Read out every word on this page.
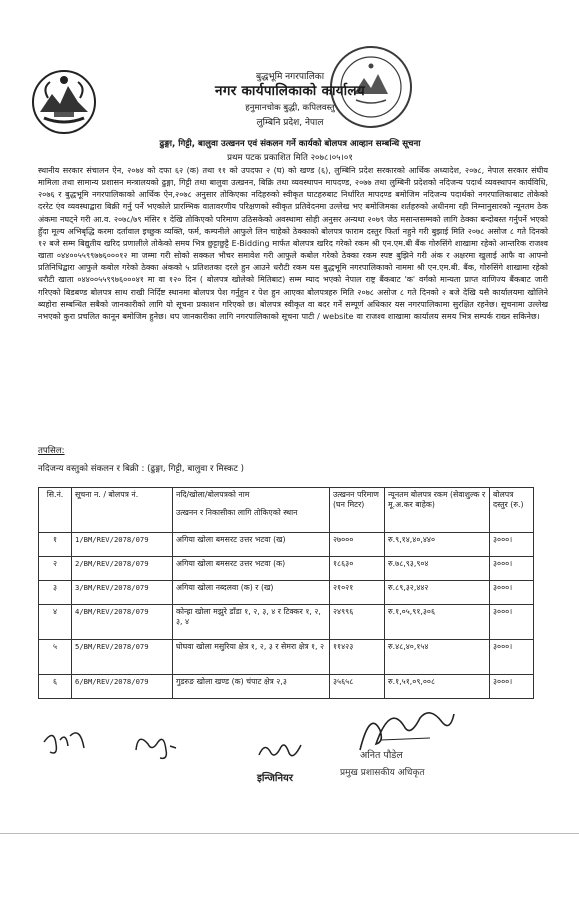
बुद्धभूमि नगरपालिका
नगर कार्यपालिकाको कार्यालय
हनुमानचोक बुद्धी, कपिलवस्तु
लुम्बिनि प्रदेश, नेपाल
ढुङ्गा, गिट्टी, बालुवा उत्खनन एवं संकलन गर्ने कार्यको बोलपत्र आव्हान सम्बन्धि सूचना
प्रथम पटक प्रकाशित मिति २०७८।०५।०१
स्थानीय सरकार संचालन ऐन, २०७४ को दफा ६२ (क) तथा ११ को उपदफा २ (घ) को खण्ड (६), लुम्बिनि प्रदेश सरकारको आर्थिक अध्यादेश, २०७८, नेपाल सरकार संघीय मामिला तथा सामान्य प्रशासन मन्त्रालयको ढुङ्गा, गिट्टी तथा बालुवा उत्खनन, बिक्रि तथा व्यवस्थापन मापदण्ड, २०७७ तथा लुम्बिनी प्रदेशको नदिजन्य पदार्थ व्यवस्थापन कार्यविधि, २०७६ र बुद्धभूमि नगरपालिकाको आर्थिक ऐन,२०७८ अनुसार तोकिएका नदिहरुको स्वीकृत घाटहरुबाट निर्धारित मापदण्ड बमोजिम नदिजन्य पदार्थको नगरपालिकाबाट तोकेको दररेट एंव व्यवस्थाद्बारा बिक्री गर्नु पर्ने भएकोले प्रारम्भिक वातावरणीय परिक्षणको स्वीकृत प्रतिवेदनमा उल्लेख भए बमोजिमका शर्तहरुको अधीनमा रही निम्नानुसारको न्यूनतम ठेक अंकमा नघट्ने गरी आ.व. २०७८/७९ मंसिर १ देखि तोकिएको परिमाण उठिसकेको अवस्थामा सोही अनुसर अन्यथा २०७९ जेठ मसान्तसम्मको लागि ठेक्का बन्दोबस्त गर्नुपर्ने भएको हुँदा मूल्य अभिबृद्धि करमा दर्तावाल इच्छुक व्यक्ति, फर्म, कम्पनीले आफुले लिन चाहेको ठेक्काको बोलपत्र फाराम दस्तुर फिर्ता नहुने गरी बुझाई मिति २०७८ असोज ८ गते दिनको १२ बजे सम्म बिद्युतीय खरिद प्रणालीले तोकेको समय भित्र छुट्टाछुट्टै E-Bidding मार्फत बोलपत्र खरिद गरेको रकम श्री एन.एम.बी बैंक गोरुसिंगे शाखामा रहेको आन्तरिक राजश्व खाता ०४४००५५९९७७६०००१२ मा जम्मा गरी सोको सक्कल भौचर समावेश गरी आफुले कबोल गरेको ठेक्का रकम स्पष्ट बुझिने गरी अंक र अक्षरमा खुलाई आफै वा आफ्नो प्रतिनिधिद्बारा आफुले कबोल गरेको ठेक्का अंकको ५ प्रतिशतका दरले हुन आउने धरौटी रकम यस बुद्धभूमि नगरपालिकाको नाममा श्री एन.एम.बी. बैंक, गोरुसिंगे शाखामा रहेको धरौटी खाता ०४४००५५९९७६०००४१ मा वा १२० दिन ( बोलपत्र खोलेको मितिबाट) सम्म म्याद भएको नेपाल राष्ट्र बैंकबाट 'क' वर्गको मान्यता प्राप्त वाणिज्य बैंकबाट जारी गरिएको बिडबण्ड बोलपत्र साथ राखी निर्दिष्ट स्थानमा बोलपत्र पेश गर्नुहुन र पेश हुन आएका बोलपत्रहरु मिति २०७८ असोज ८ गते दिनको २ बजे देखि यसै कार्यालयमा खोलिने ब्यहोरा सम्बन्धित सबैको जानकारीको लागि यो सूचना प्रकाशन गरिएको छ। बोलपत्र स्वीकृत वा बदर गर्ने सम्पूर्ण अधिकार यस नगरपालिकामा सुरक्षित रहनेछ। सूचनामा उल्लेख नभएको कुरा प्रचलित कानून बमोजिम हुनेछ। थप जानकारीका लागि नगरपालिकाको सूचना पाटी / website वा राजश्व शाखामा कार्यालय समय भित्र सम्पर्क राख्न सकिनेछ।
तपसिल:
नदिजन्य वस्तुको संकलन र बिक्री : (ढुङ्गा, गिट्टी, बालुवा र मिस्कट )
सि.नं.	सूचना न. / बोलपत्र नं.	नदि/खोला/बोलपत्रको नाम
उत्खनन र निकासीका लागि तोकिएको स्थान	उत्खनन परिमाण (घन मिटर)	न्यूनतम बोलपत्र रकम (सेवाशुल्क र मू.अ.कर बाहेक)	बोलपत्र दस्तुर (रु.)
१	1/BM/REV/2078/079	अगिया खोला बमसरट उत्तर भटवा (ख)	२७०००	रु.९,१४,४०,४४०	३०००।
२	2/BM/REV/2078/079	अगिया खोला बमसरट उत्तर भटवा (क)	१८६३०	रु.७८,९३,९०४	३०००।
३	3/BM/REV/2078/079	अगिया खोला नब्दलवा (क) र (ख)	२१०२१	रु.८९,३२,४४२	३०००।
४	4/BM/REV/2078/079	कोन्ह्रा खोला मझुरे डाँडा १, २, ३, ४ र टिक्कर १, २, ३, ४	२४९९६	रु.१,०५,९१,३०६	३०००।
५	5/BM/REV/2078/079	घोघवा खोला मसुरिया क्षेत्र १, २, ३ र सेमरा क्षेत्र १, २	११४२३	रु.४८,४०,१५४	३०००।
६	6/BM/REV/2078/079	गुडरुङ खोला खण्ड (क) चंपाट क्षेत्र २,३	३५६५८	रु.१,५१,०९,००८	३०००।
इन्जिनियर
अनित पौडेल
प्रमुख प्रशासकीय अधिकृत
